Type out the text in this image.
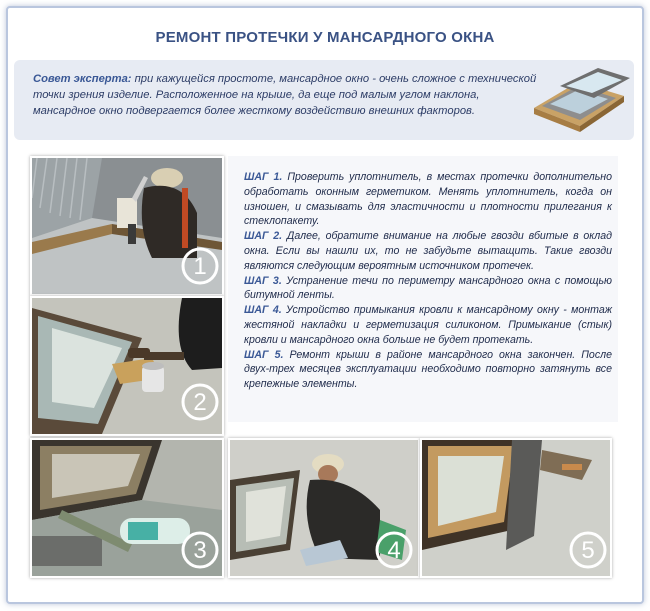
РЕМОНТ ПРОТЕЧКИ У МАНСАРДНОГО ОКНА
Совет эксперта: при кажущейся простоте, мансардное окно - очень сложное с технической точки зрения изделие. Расположенное на крыше, да еще под малым углом наклона, мансардное окно подвергается более жесткому воздействию внешних факторов.

ШАГ 1. Проверить уплотнитель, в местах протечки дополнительно обработать оконным герметиком. Менять уплотнитель, когда он изношен, и смазывать для эластичности и плотности прилегания к стеклопакету.

ШАГ 2. Далее, обратите внимание на любые гвозди вбитые в оклад окна. Если вы нашли их, то не забудьте вытащить. Такие гвозди являются следующим вероятным источником протечек.

ШАГ 3. Устранение течи по периметру мансардного окна с помощью битумной ленты.

ШАГ 4. Устройство примыкания кровли к мансардному окну - монтаж жестяной накладки и герметизация силиконом. Примыкание (стык) кровли и мансардного окна больше не будет протекать.

ШАГ 5. Ремонт крыши в районе мансардного окна закончен. После двух-трех месяцев эксплуатации необходимо повторно затянуть все крепежные элементы.

1
2
3	4	5
